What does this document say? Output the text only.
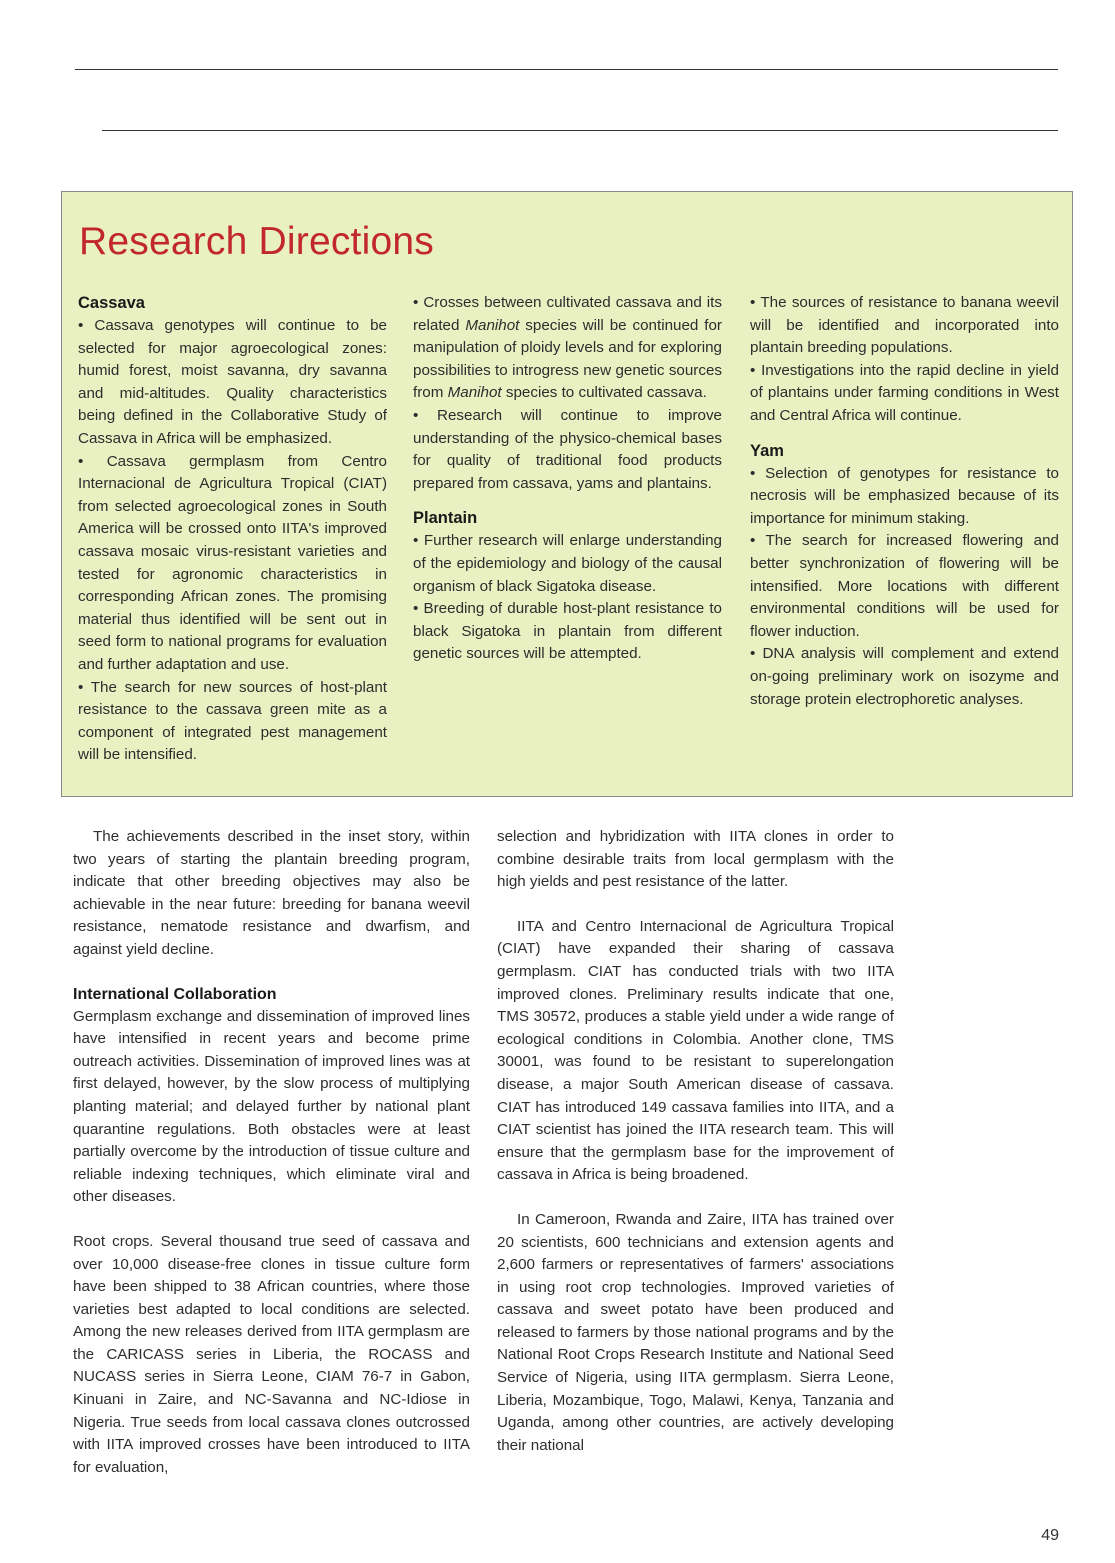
Research Directions
Cassava

• Cassava genotypes will continue to be selected for major agroecological zones: humid forest, moist savanna, dry savanna and mid-altitudes. Quality characteristics being defined in the Collaborative Study of Cassava in Africa will be emphasized.

• Cassava germplasm from Centro Internacional de Agricultura Tropical (CIAT) from selected agroecological zones in South America will be crossed onto IITA's improved cassava mosaic virus-resistant varieties and tested for agronomic characteristics in corresponding African zones. The promising material thus identified will be sent out in seed form to national programs for evaluation and further adaptation and use.

• The search for new sources of host-plant resistance to the cassava green mite as a component of integrated pest management will be intensified.

• Crosses between cultivated cassava and its related Manihot species will be continued for manipulation of ploidy levels and for exploring possibilities to introgress new genetic sources from Manihot species to cultivated cassava.

• Research will continue to improve understanding of the physico-chemical bases for quality of traditional food products prepared from cassava, yams and plantains.

Plantain

• Further research will enlarge understanding of the epidemiology and biology of the causal organism of black Sigatoka disease.

• Breeding of durable host-plant resistance to black Sigatoka in plantain from different genetic sources will be attempted.

• The sources of resistance to banana weevil will be identified and incorporated into plantain breeding populations.

• Investigations into the rapid decline in yield of plantains under farming conditions in West and Central Africa will continue.

Yam

• Selection of genotypes for resistance to necrosis will be emphasized because of its importance for minimum staking.

• The search for increased flowering and better synchronization of flowering will be intensified. More locations with different environmental conditions will be used for flower induction.

• DNA analysis will complement and extend on-going preliminary work on isozyme and storage protein electrophoretic analyses.

The achievements described in the inset story, within two years of starting the plantain breeding program, indicate that other breeding objectives may also be achievable in the near future: breeding for banana weevil resistance, nematode resistance and dwarfism, and against yield decline.

International Collaboration

Germplasm exchange and dissemination of improved lines have intensified in recent years and become prime outreach activities. Dissemination of improved lines was at first delayed, however, by the slow process of multiplying planting material; and delayed further by national plant quarantine regulations. Both obstacles were at least partially overcome by the introduction of tissue culture and reliable indexing techniques, which eliminate viral and other diseases.

Root crops. Several thousand true seed of cassava and over 10,000 disease-free clones in tissue culture form have been shipped to 38 African countries, where those varieties best adapted to local conditions are selected. Among the new releases derived from IITA germplasm are the CARICASS series in Liberia, the ROCASS and NUCASS series in Sierra Leone, CIAM 76-7 in Gabon, Kinuani in Zaire, and NC-Savanna and NC-Idiose in Nigeria. True seeds from local cassava clones outcrossed with IITA improved crosses have been introduced to IITA for evaluation,

selection and hybridization with IITA clones in order to combine desirable traits from local germplasm with the high yields and pest resistance of the latter.

IITA and Centro Internacional de Agricultura Tropical (CIAT) have expanded their sharing of cassava germplasm. CIAT has conducted trials with two IITA improved clones. Preliminary results indicate that one, TMS 30572, produces a stable yield under a wide range of ecological conditions in Colombia. Another clone, TMS 30001, was found to be resistant to superelongation disease, a major South American disease of cassava. CIAT has introduced 149 cassava families into IITA, and a CIAT scientist has joined the IITA research team. This will ensure that the germplasm base for the improvement of cassava in Africa is being broadened.

In Cameroon, Rwanda and Zaire, IITA has trained over 20 scientists, 600 technicians and extension agents and 2,600 farmers or representatives of farmers' associations in using root crop technologies. Improved varieties of cassava and sweet potato have been produced and released to farmers by those national programs and by the National Root Crops Research Institute and National Seed Service of Nigeria, using IITA germplasm. Sierra Leone, Liberia, Mozambique, Togo, Malawi, Kenya, Tanzania and Uganda, among other countries, are actively developing their national

49
